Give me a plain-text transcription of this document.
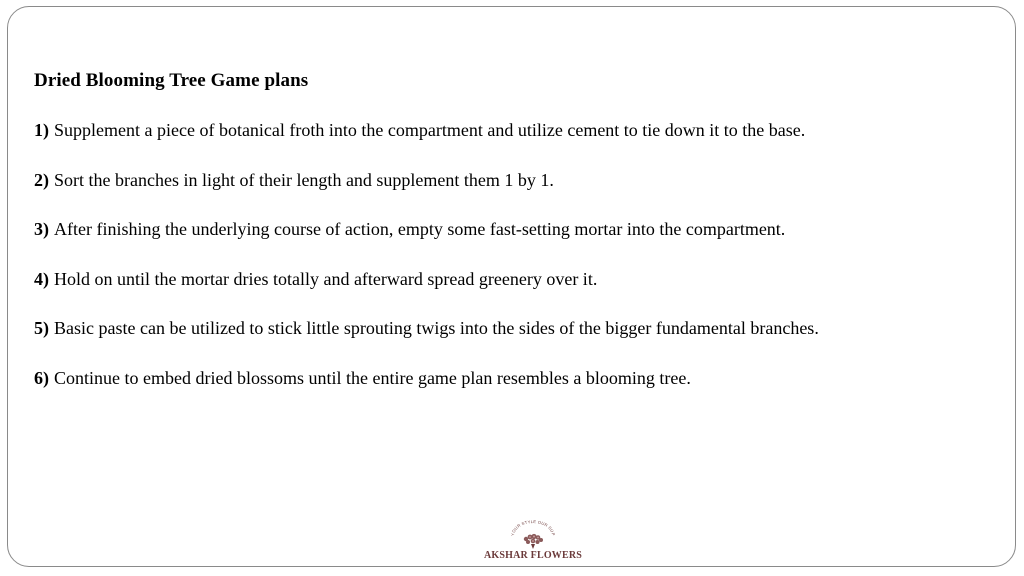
Dried Blooming Tree Game plans

1) Supplement a piece of botanical froth into the compartment and utilize cement to tie down it to the base.
2) Sort the branches in light of their length and supplement them 1 by 1.
3) After finishing the underlying course of action, empty some fast-setting mortar into the compartment.
4) Hold on until the mortar dries totally and afterward spread greenery over it.
5) Basic paste can be utilized to stick little sprouting twigs into the sides of the bigger fundamental branches.
6) Continue to embed dried blossoms until the entire game plan resembles a blooming tree.
YOUR STYLE OUR SUP
AKSHAR FLOWERS
